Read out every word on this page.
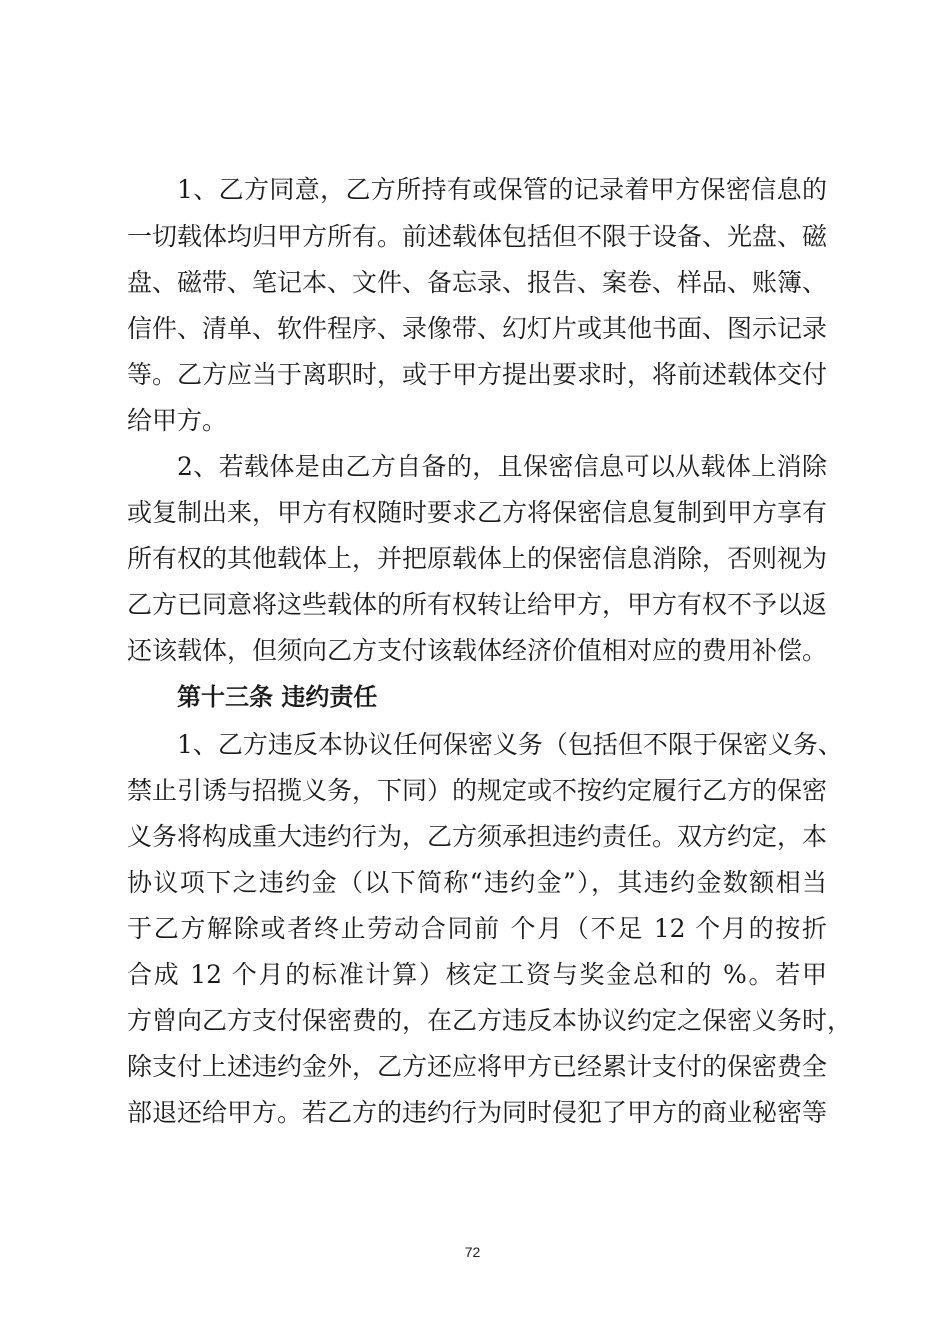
1、乙方同意，乙方所持有或保管的记录着甲方保密信息的
一切载体均归甲方所有。前述载体包括但不限于设备、光盘、磁
盘、磁带、笔记本、文件、备忘录、报告、案卷、样品、账簿、
信件、清单、软件程序、录像带、幻灯片或其他书面、图示记录
等。乙方应当于离职时，或于甲方提出要求时，将前述载体交付
给甲方。
2、若载体是由乙方自备的，且保密信息可以从载体上消除
或复制出来，甲方有权随时要求乙方将保密信息复制到甲方享有
所有权的其他载体上，并把原载体上的保密信息消除，否则视为
乙方已同意将这些载体的所有权转让给甲方，甲方有权不予以返
还该载体，但须向乙方支付该载体经济价值相对应的费用补偿。
第十三条 违约责任
1、乙方违反本协议任何保密义务（包括但不限于保密义务、
禁止引诱与招揽义务，下同）的规定或不按约定履行乙方的保密
义务将构成重大违约行为，乙方须承担违约责任。双方约定，本
协议项下之违约金（以下简称“违约金”），其违约金数额相当
于乙方解除或者终止劳动合同前 个月（不足 12 个月的按折
合成 12 个月的标准计算）核定工资与奖金总和的 %。若甲
方曾向乙方支付保密费的，在乙方违反本协议约定之保密义务时，
除支付上述违约金外，乙方还应将甲方已经累计支付的保密费全
部退还给甲方。若乙方的违约行为同时侵犯了甲方的商业秘密等
72
